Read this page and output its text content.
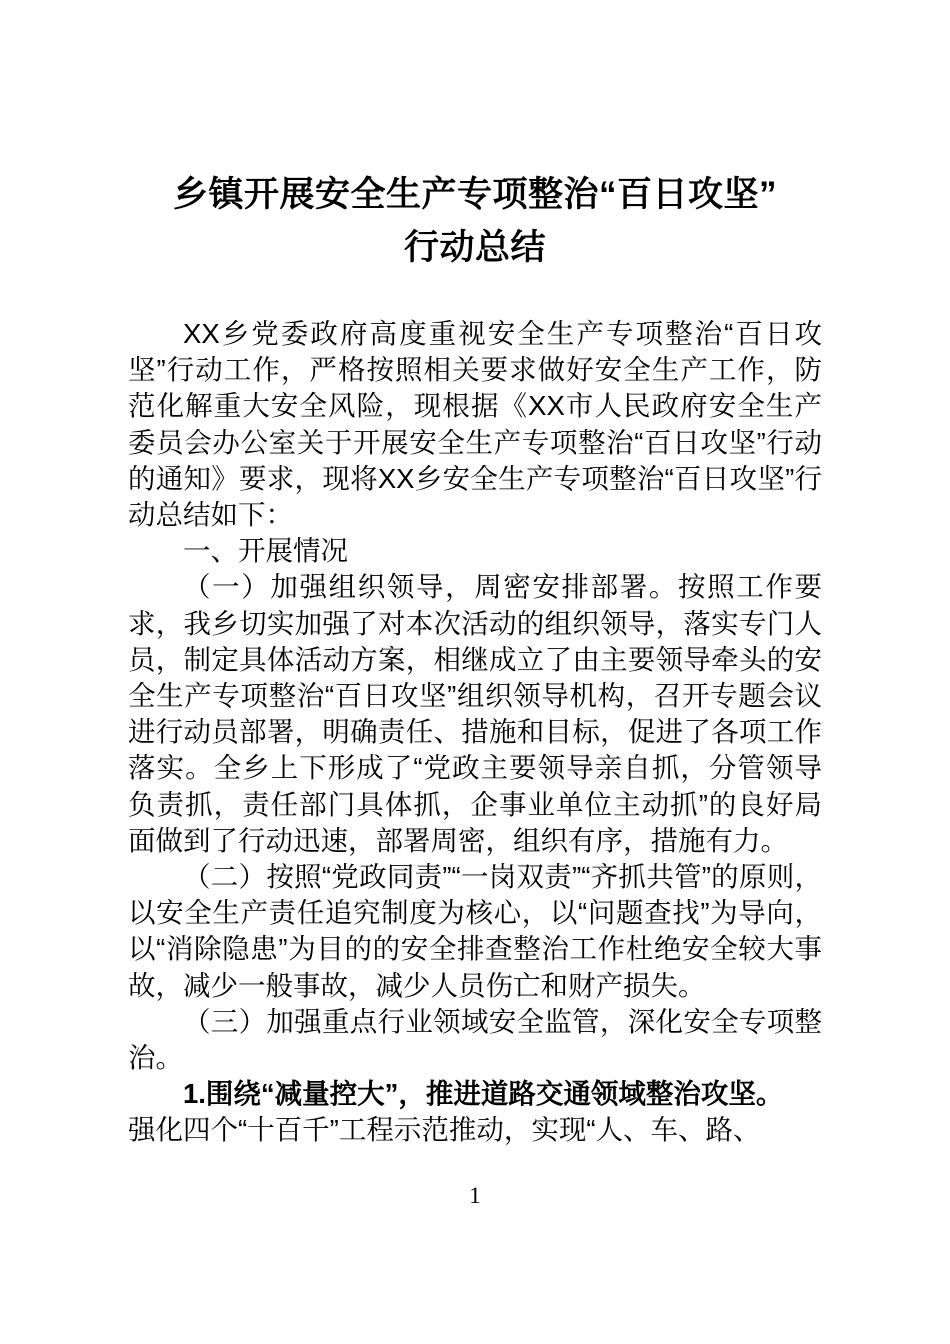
乡镇开展安全生产专项整治“百日攻坚”
行动总结

XX乡党委政府高度重视安全生产专项整治“百日攻坚”行动工作，严格按照相关要求做好安全生产工作，防范化解重大安全风险，现根据《XX市人民政府安全生产委员会办公室关于开展安全生产专项整治“百日攻坚”行动的通知》要求，现将XX乡安全生产专项整治“百日攻坚”行动总结如下：

一、开展情况

（一）加强组织领导，周密安排部署。按照工作要求，我乡切实加强了对本次活动的组织领导，落实专门人员，制定具体活动方案，相继成立了由主要领导牵头的安全生产专项整治“百日攻坚”组织领导机构，召开专题会议进行动员部署，明确责任、措施和目标，促进了各项工作落实。全乡上下形成了“党政主要领导亲自抓，分管领导负责抓，责任部门具体抓，企事业单位主动抓”的良好局面做到了行动迅速，部署周密，组织有序，措施有力。

（二）按照“党政同责”“一岗双责”“齐抓共管”的原则，以安全生产责任追究制度为核心，以“问题查找”为导向，以“消除隐患”为目的的安全排查整治工作杜绝安全较大事故，减少一般事故，减少人员伤亡和财产损失。

（三）加强重点行业领域安全监管，深化安全专项整治。

1.围绕“减量控大”，推进道路交通领域整治攻坚。

强化四个“十百千”工程示范推动，实现“人、车、路、

1
